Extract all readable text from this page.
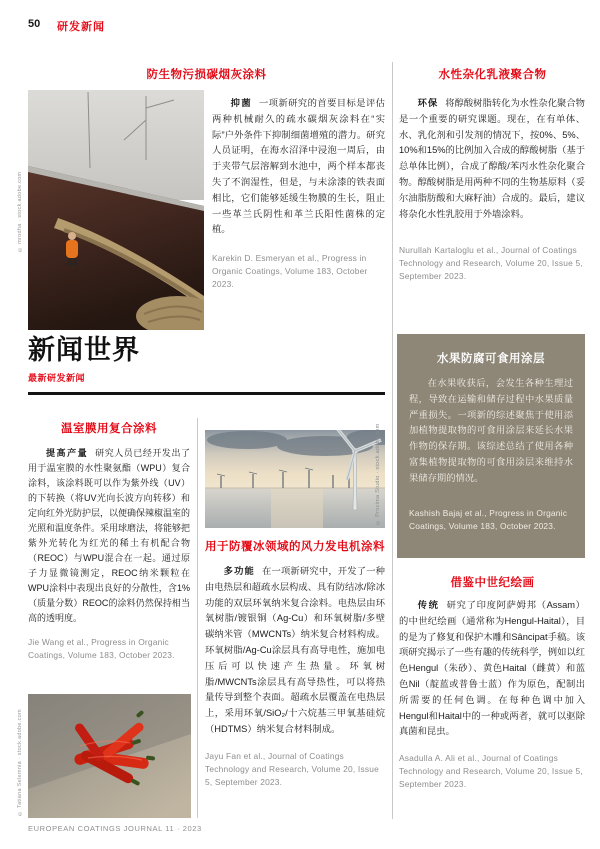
50 研发新闻
防生物污损碳烟灰涂料
© mrodha · stock.adobe.com

抑菌 一项新研究的首要目标是评估两种机械耐久的疏水碳烟灰涂料在“实际”户外条件下抑制细菌增殖的潜力。研究人员证明，在海水沼泽中浸泡一周后，由于夹带气层溶解到水池中，两个样本都丧失了不润湿性，但是，与未涂漆的铁表面相比，它们能够延缓生物膜的生长，阻止一些革兰氏阴性和革兰氏阳性菌株的定植。

Karekin D. Esmeryan et al., Progress in Organic Coatings, Volume 183, October 2023.
水性杂化乳液聚合物

环保 将醇酸树脂转化为水性杂化聚合物是一个重要的研究课题。现在，在有单体、水、乳化剂和引发剂的情况下，按0%、5%、10%和15%的比例加入合成的醇酸树脂（基于总单体比例），合成了醇酸/苯丙水性杂化聚合物。醇酸树脂是用两种不同的生物基原料（妥尔油脂肪酸和大麻籽油）合成的。最后，建议将杂化水性乳胶用于外墙涂料。

Nurullah Kartaloglu et al., Journal of Coatings Technology and Research, Volume 20, Issue 5, September 2023.
新闻世界
最新研发新闻
温室膜用复合涂料

提高产量 研究人员已经开发出了用于温室膜的水性聚氨酯（WPU）复合涂料，该涂料既可以作为紫外线（UV）的下转换（将UV光向长波方向转移）和定向红外光防护层，以便确保辣椒温室的光照和温度条件。采用球磨法，将能够把紫外光转化为红光的稀土有机配合物（REOC）与WPU混合在一起。通过原子力显微镜测定，REOC纳米颗粒在WPU涂料中表现出良好的分散性，含1%（质量分数）REOC的涂料仍然保持相当高的透明度。

Jie Wang et al., Progress in Organic Coatings, Volume 183, October 2023.
© Tatiana Selemnia · stock.adobe.com
© Proxima Studio · stock.adobe.com
用于防覆冰领域的风力发电机涂料

多功能 在一项新研究中，开发了一种由电热层和超疏水层构成、具有防结冰/除冰功能的双层环氧纳米复合涂料。电热层由环氧树脂/镀银铜（Ag-Cu）和环氧树脂/多壁碳纳米管（MWCNTs）纳米复合材料构成。环氧树脂/Ag-Cu涂层具有高导电性，施加电压后可以快速产生热量。环氧树脂/MWCNTs涂层具有高导热性，可以将热量传导到整个表面。超疏水层覆盖在电热层上，采用环氧/SiO₂/十六烷基三甲氧基硅烷（HDTMS）纳米复合材料制成。

Jayu Fan et al., Journal of Coatings Technology and Research, Volume 20, Issue 5, September 2023.
水果防腐可食用涂层

在水果收获后，会发生各种生理过程，导致在运输和储存过程中水果质量严重损失。一项新的综述聚焦于使用添加植物提取物的可食用涂层来延长水果作物的保存期。该综述总结了使用各种富集植物提取物的可食用涂层来维持水果储存期的情况。

Kashish Bajaj et al., Progress in Organic Coatings, Volume 183, October 2023.
借鉴中世纪绘画

传统 研究了印度阿萨姆邦（Assam）的中世纪绘画（通常称为Hengul-Haital），目的是为了修复和保护木雕和Sâncipat手稿。该项研究揭示了一些有趣的传统科学，例如以红色Hengul（朱砂）、黄色Haital（雌黄）和蓝色Nil（靛蓝或普鲁士蓝）作为原色，配制出所需要的任何色调。在每种色调中加入Hengul和Haital中的一种或两者，就可以驱除真菌和昆虫。

Asadulla A. Ali et al., Journal of Coatings Technology and Research, Volume 20, Issue 5, September 2023.
EUROPEAN COATINGS JOURNAL 11 · 2023
